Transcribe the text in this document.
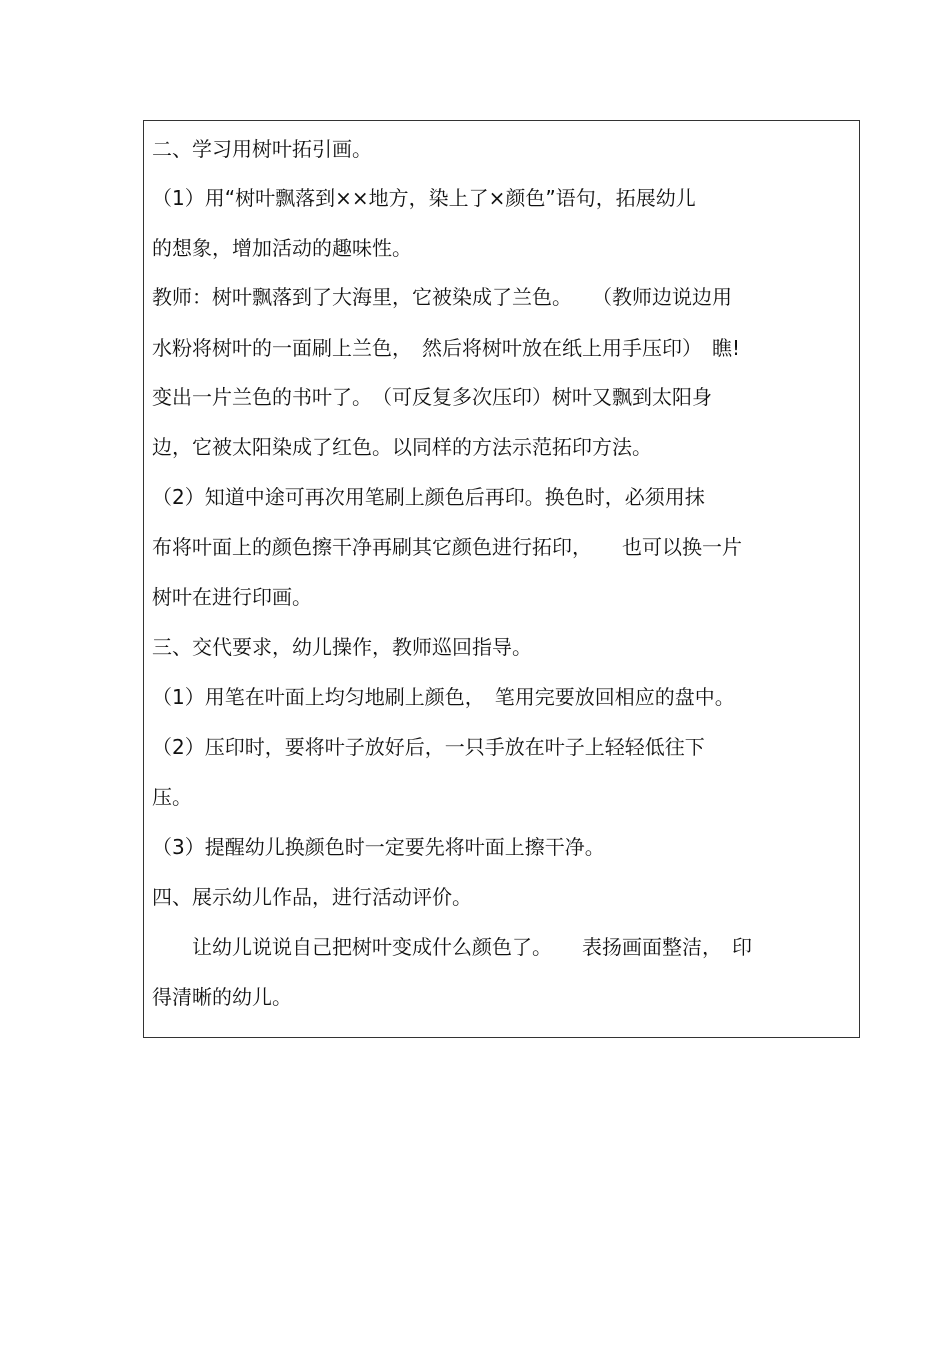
二、学习用树叶拓引画。
（1）用“树叶飘落到××地方，染上了×颜色”语句，拓展幼儿
的想象，增加活动的趣味性。
教师：树叶飘落到了大海里，它被染成了兰色。　　（教师边说边用
水粉将树叶的一面刷上兰色，　然后将树叶放在纸上用手压印）　瞧!
变出一片兰色的书叶了。　（可反复多次压印）树叶又飘到太阳身
边，它被太阳染成了红色。以同样的方法示范拓印方法。
（2）知道中途可再次用笔刷上颜色后再印。换色时，必须用抹
布将叶面上的颜色擦干净再刷其它颜色进行拓印，　　也可以换一片
树叶在进行印画。
三、交代要求，幼儿操作，教师巡回指导。
（1）用笔在叶面上均匀地刷上颜色，　笔用完要放回相应的盘中。
（2）压印时，要将叶子放好后，一只手放在叶子上轻轻低往下
压。
（3）提醒幼儿换颜色时一定要先将叶面上擦干净。
四、展示幼儿作品，进行活动评价。
　　让幼儿说说自己把树叶变成什么颜色了。　　表扬画面整洁，　印
得清晰的幼儿。
